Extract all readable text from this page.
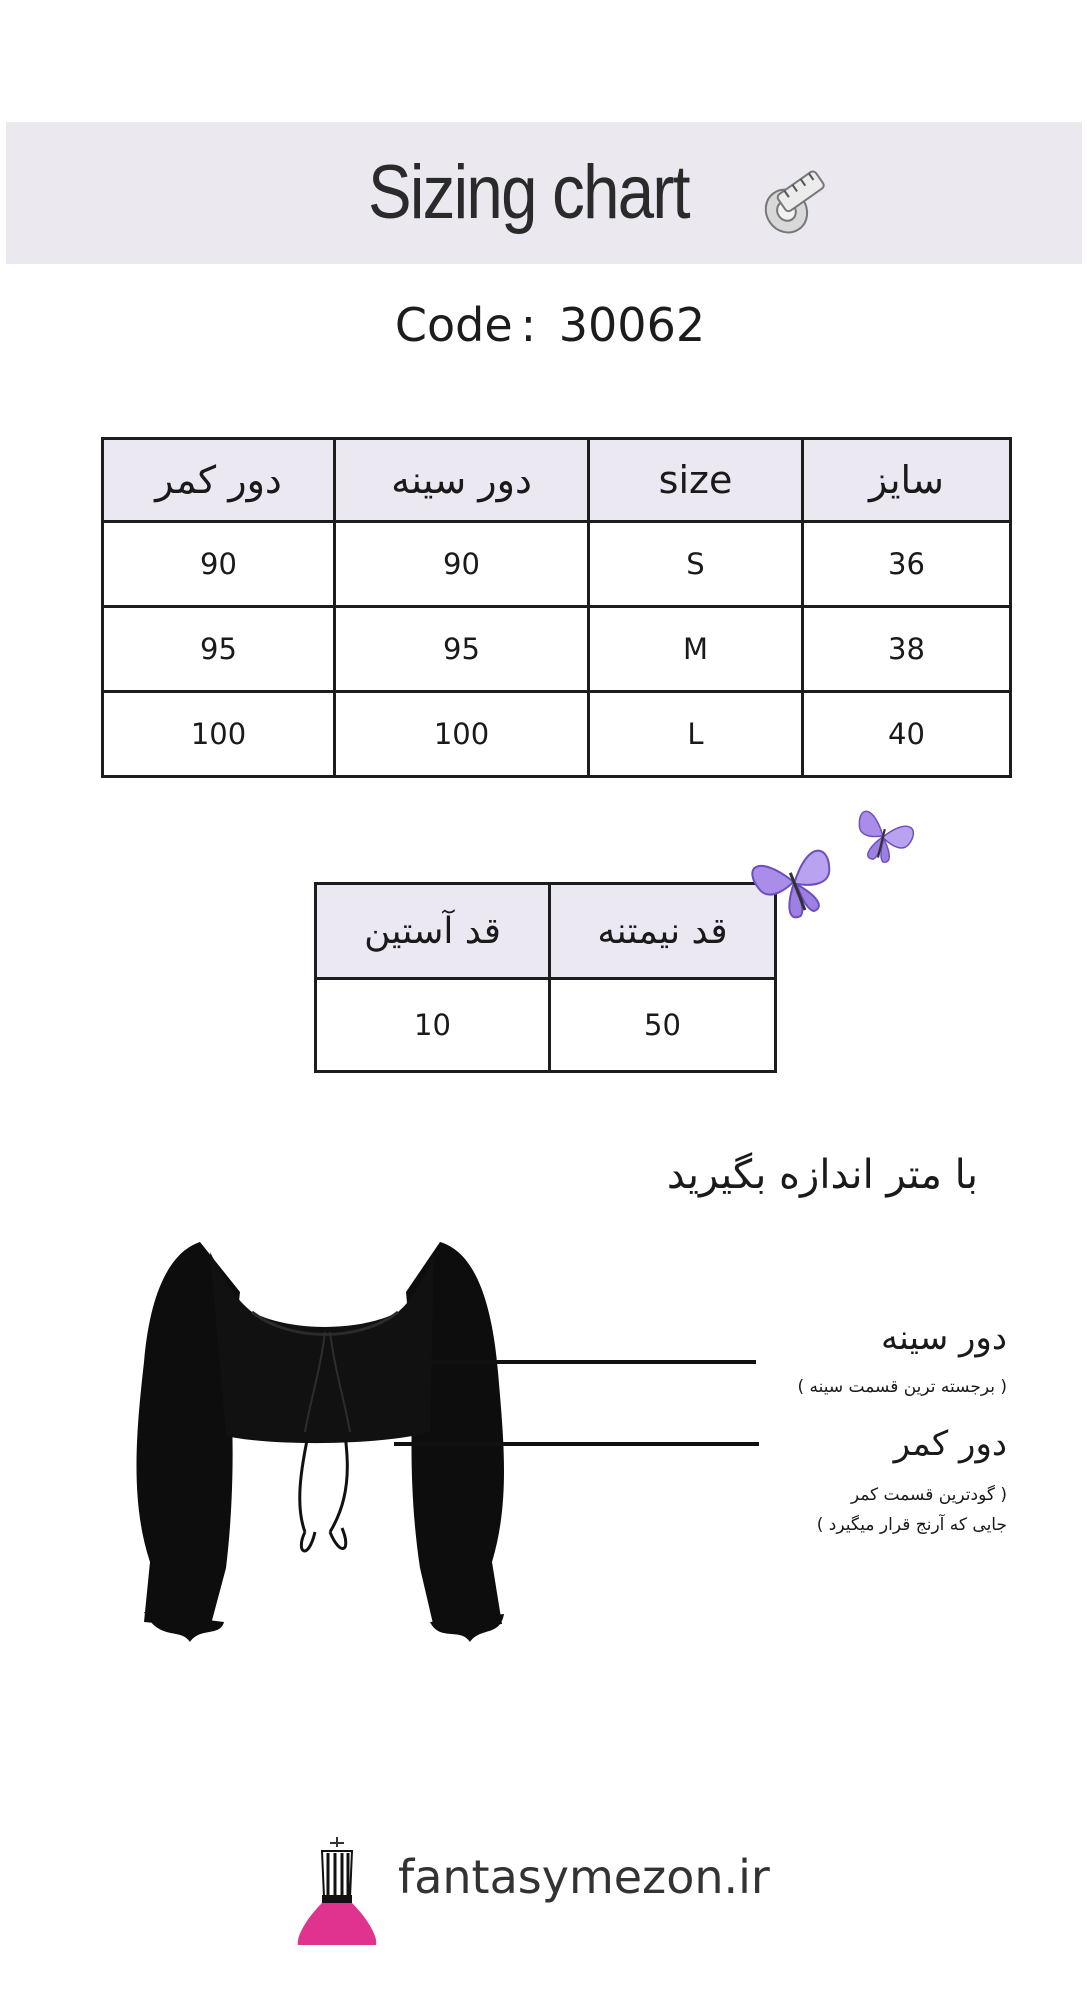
Sizing chart
Code : 30062
دور کمر	دور سینه	size	سایز
90	90	S	36
95	95	M	38
100	100	L	40
قد آستین	قد نیمتنه
10	50
با متر اندازه بگیرید
دور سینه
( برجسته ترین قسمت سینه )
دور کمر
( گودترین قسمت کمر
جایی که آرنج قرار میگیرد )
fantasymezon.ir
